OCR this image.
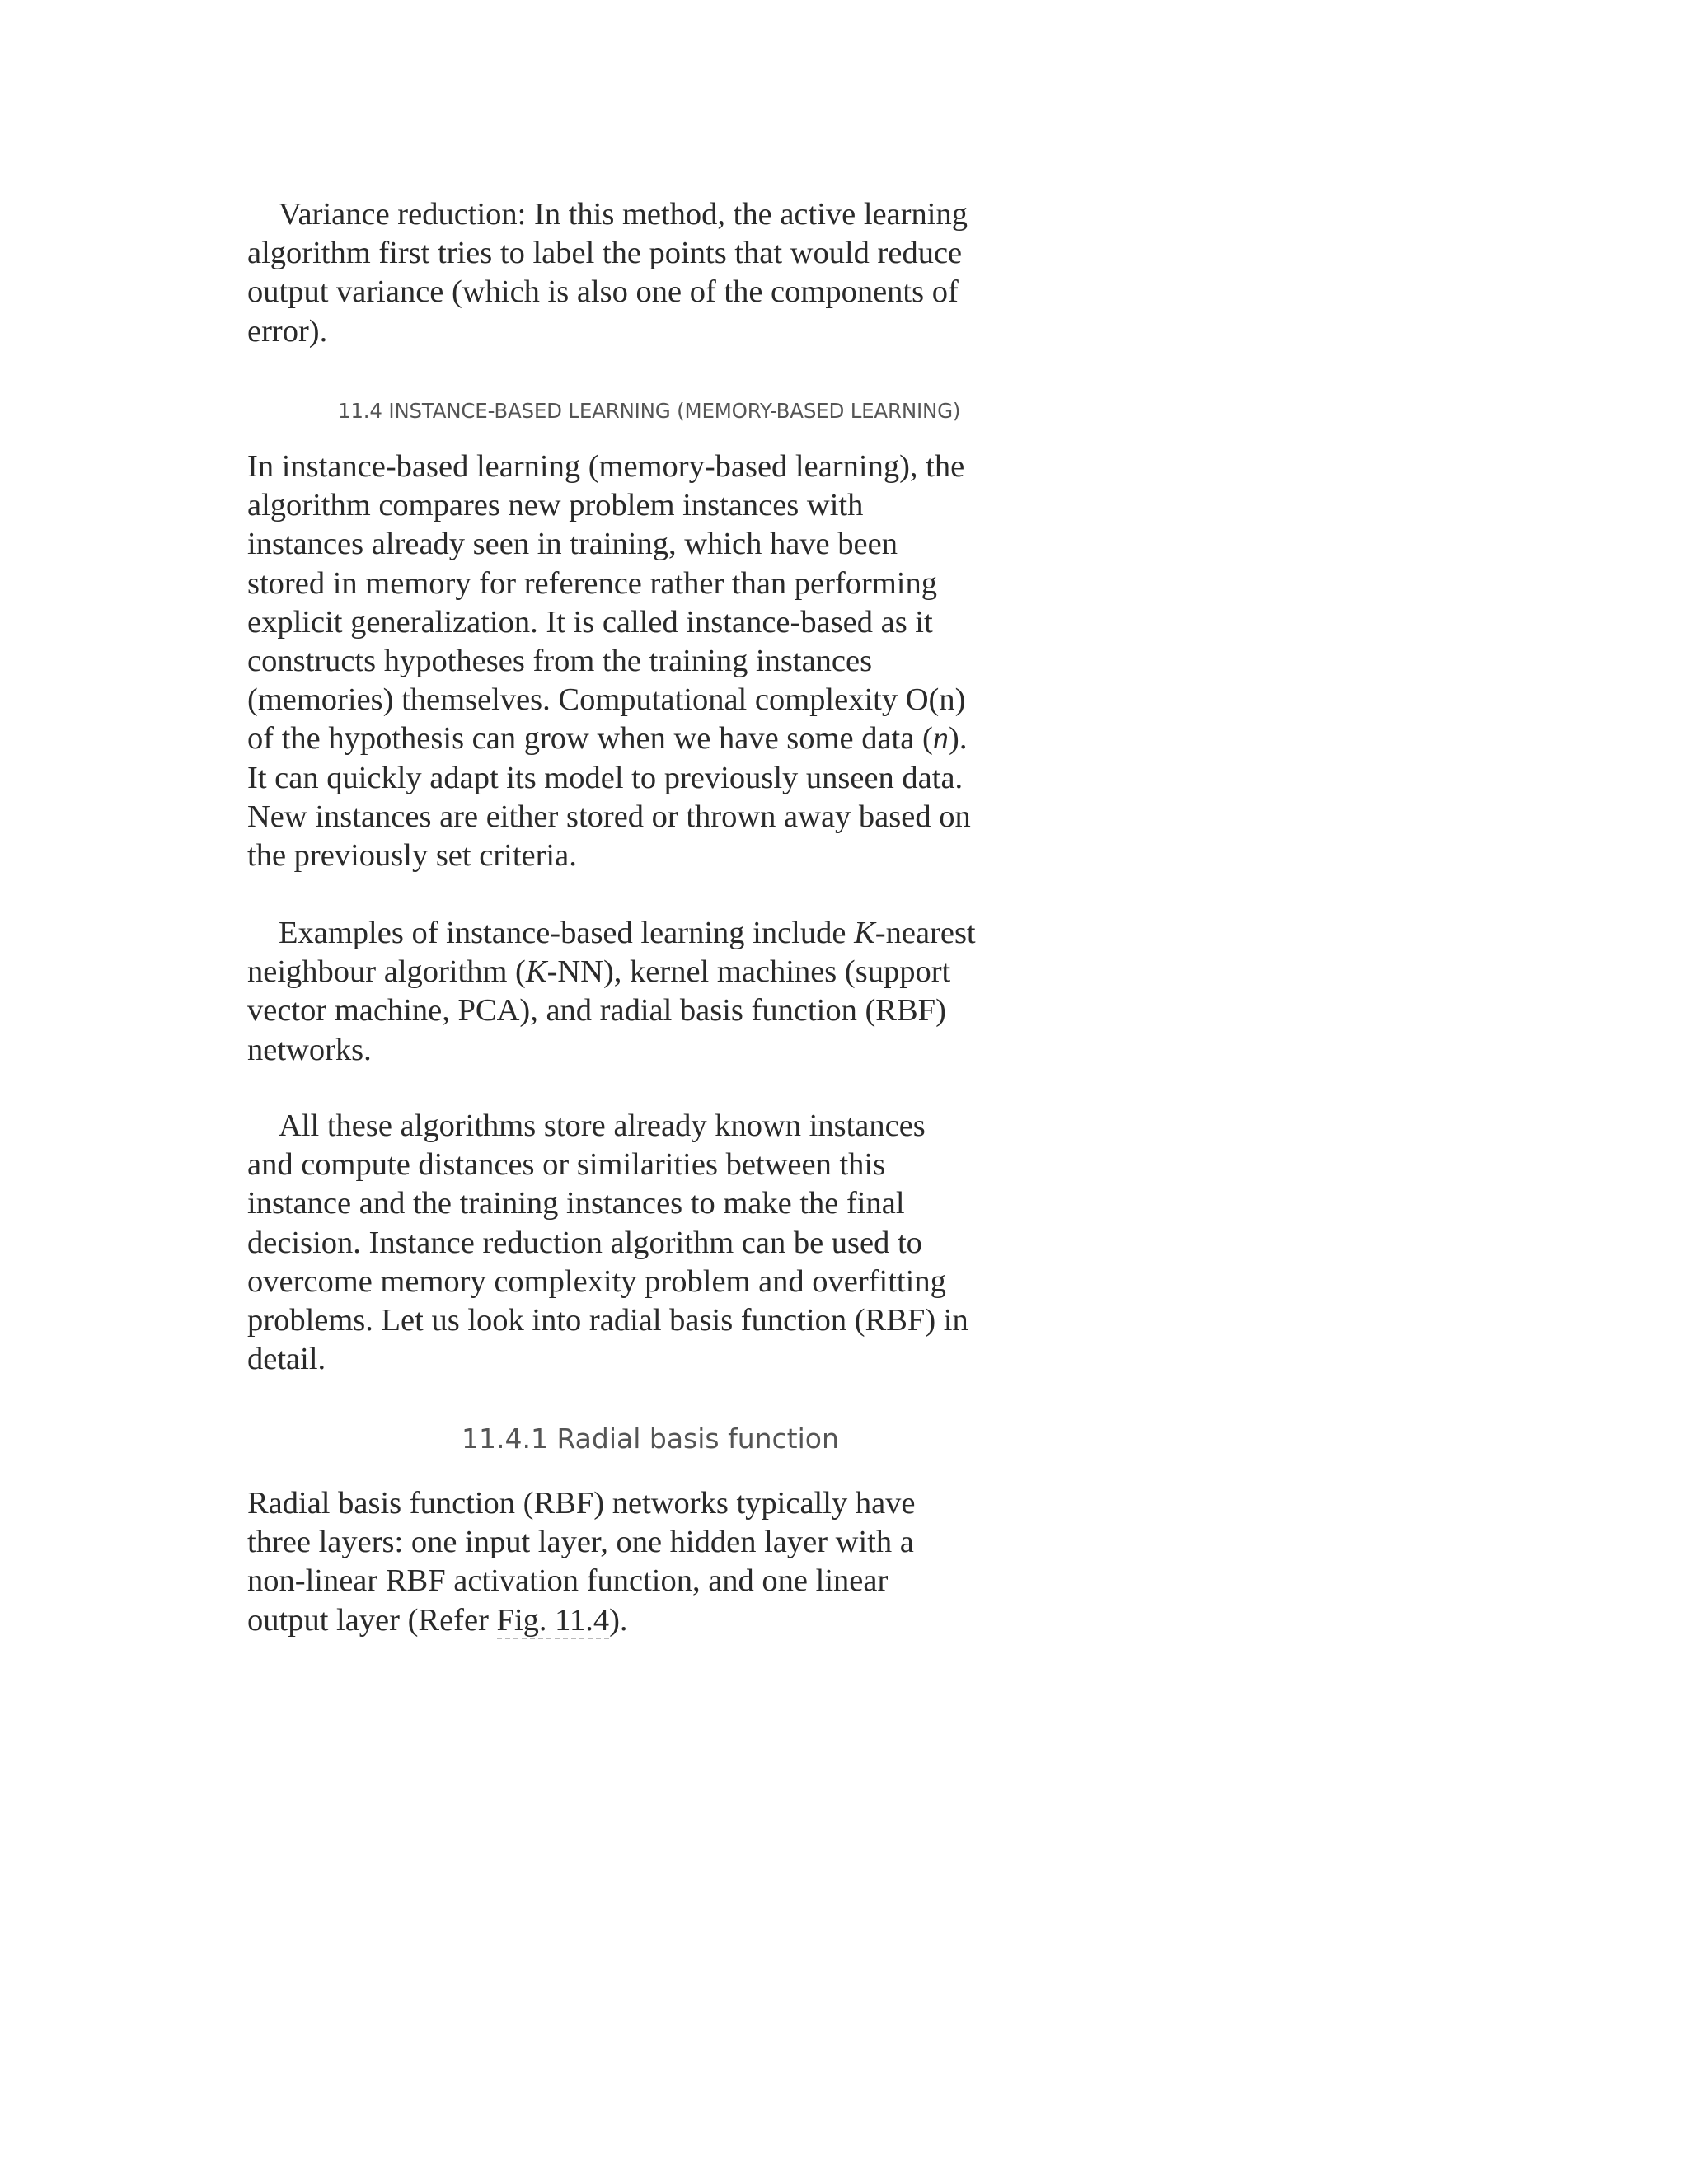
Variance reduction: In this method, the active learning
algorithm first tries to label the points that would reduce
output variance (which is also one of the components of
error).

11.4 INSTANCE-BASED LEARNING (MEMORY-BASED LEARNING)

In instance-based learning (memory-based learning), the
algorithm compares new problem instances with
instances already seen in training, which have been
stored in memory for reference rather than performing
explicit generalization. It is called instance-based as it
constructs hypotheses from the training instances
(memories) themselves. Computational complexity O(n)
of the hypothesis can grow when we have some data (n).
It can quickly adapt its model to previously unseen data.
New instances are either stored or thrown away based on
the previously set criteria.

Examples of instance-based learning include K-nearest
neighbour algorithm (K-NN), kernel machines (support
vector machine, PCA), and radial basis function (RBF)
networks.

All these algorithms store already known instances
and compute distances or similarities between this
instance and the training instances to make the final
decision. Instance reduction algorithm can be used to
overcome memory complexity problem and overfitting
problems. Let us look into radial basis function (RBF) in
detail.

11.4.1 Radial basis function

Radial basis function (RBF) networks typically have
three layers: one input layer, one hidden layer with a
non-linear RBF activation function, and one linear
output layer (Refer Fig. 11.4).
